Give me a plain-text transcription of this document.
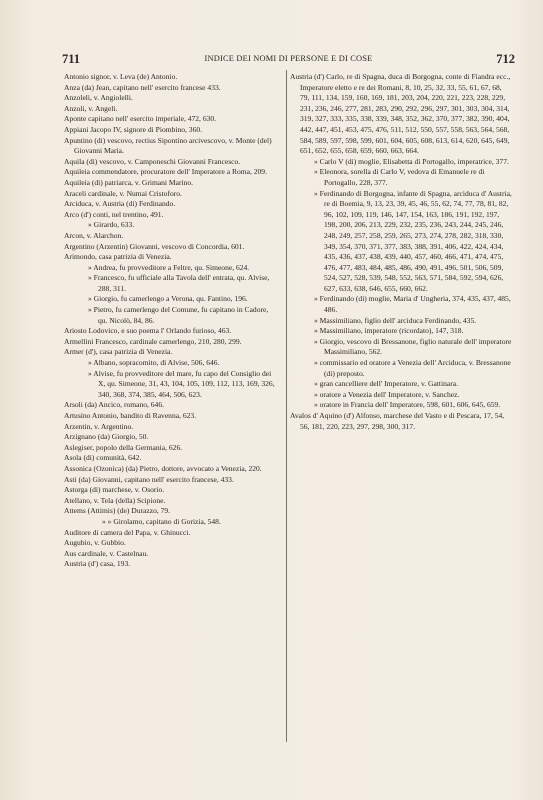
711	INDICE DEI NOMI DI PERSONE E DI COSE	712
Antonio signor, v. Leva (de) Antonio.
Anza (da) Jean, capitano nell' esercito francese 433.
Anzoleli, v. Angiolelli.
Anzoli, v. Angeli.
Aponte capitano nell' esercito imperiale, 472, 630.
Appiani Jacopo IV, signore di Piombino, 360.
Apuntino (di) vescovo, rectius Sipontino arcivescovo, v. Monte (del) Giovanni Maria.
Aquila (di) vescovo, v. Camponeschi Giovanni Francesco.
Aquileia commendatore, procuratore dell' Imperatore a Roma, 209.
Aquileia (di) patriarca, v. Grimani Marino.
Araceli cardinale, v. Numai Cristoforo.
Arciduca, v. Austria (di) Ferdinando.
Arco (d') conti, nel trentino, 491.
» Girardo, 633.
Arcon, v. Alarchon.
Argentino (Arzentin) Giovanni, vescovo di Concordia, 601.
Arimondo, casa patrizia di Venezia.
» Andrea, fu provveditore a Feltre, qu. Simeone, 624.
» Francesco, fu ufficiale alla Tavola dell' entrata, qu. Alvise, 288, 311.
» Giorgio, fu camerlengo a Verona, qu. Fantino, 196.
» Pietro, fu camerlengo del Comune, fu capitano in Cadore, qu. Nicolò, 84, 86.
Ariosto Lodovico, e suo poema l' Orlando furioso, 463.
Armellini Francesco, cardinale camerlengo, 210, 280, 299.
Armer (d'), casa patrizia di Venezia.
» Albano, sopracomito, di Alvise, 506, 646.
» Alvise, fu provveditore del mare, fu capo del Consiglio dei X, qu. Simeone, 31, 43, 104, 105, 109, 112, 113, 169, 326, 340, 368, 374, 385, 464, 506, 623.
Arsoli (da) Ancico, romano, 646.
Artusino Antonio, bandito di Ravenna, 623.
Arzentin, v. Argentino.
Arzignano (da) Giorgio, 50.
Aslegiser, popolo della Germania, 626.
Asola (di) comunità, 642.
Assonica (Ozonica) (da) Pietro, dottore, avvocato a Venezia, 220.
Asti (da) Giovanni, capitano nell' esercito francese, 433.
Astorga (di) marchese, v. Osorio.
Atellano, v. Tela (della) Scipione.
Attems (Attimis) (de) Durazzo, 79.
» » Girolamo, capitano di Gorizia, 548.
Auditore di camera del Papa, v. Ghinucci.
Augubio, v. Gubbio.
Aus cardinale, v. Castelnau.
Austria (d') casa, 193.
Austria (d') Carlo, re di Spagna, duca di Borgogna, conte di Fiandra ecc., Imperatore eletto e re dei Romani, 8, 10, 25, 32, 33, 55, 61, 67, 68, 79, 111, 134, 159, 160, 169, 181, 203, 204, 220, 221, 223, 228, 229, 231, 236, 246, 277, 281, 283, 290, 292, 296, 297, 301, 303, 304, 314, 319, 327, 333, 335, 338, 339, 348, 352, 362, 370, 377, 382, 390, 404, 442, 447, 451, 453, 475, 476, 511, 512, 550, 557, 558, 563, 564, 568, 584, 589, 597, 598, 599, 601, 604, 605, 608, 613, 614, 620, 645, 649, 651, 652, 655, 658, 659, 660, 663, 664.
» Carlo V (di) moglie, Elisabetta di Portogallo, imperatrice, 377.
» Eleonora, sorella di Carlo V, vedova di Emanuele re di Portogallo, 228, 377.
» Ferdinando di Borgogna, infante di Spagna, arciduca d' Austria, re di Boemia, 9, 13, 23, 39, 45, 46, 55, 62, 74, 77, 78, 81, 82, 96, 102, 109, 119, 146, 147, 154, 163, 186, 191, 192, 197, 198, 200, 206, 213, 229, 232, 235, 236, 243, 244, 245, 246, 248, 249, 257, 258, 259, 265, 273, 274, 278, 282, 318, 330, 349, 354, 370, 371, 377, 383, 388, 391, 406, 422, 424, 434, 435, 436, 437, 438, 439, 440, 457, 460, 466, 471, 474, 475, 476, 477, 483, 484, 485, 486, 490, 491, 496, 501, 506, 509, 524, 527, 528, 539, 548, 552, 563, 571, 584, 592, 594, 626, 627, 633, 638, 646, 655, 660, 662.
» Ferdinando (di) moglie, Maria d' Ungheria, 374, 435, 437, 485, 486.
» Massimiliano, figlio dell' arciduca Ferdinando, 435.
» Massimiliano, imperatore (ricordato), 147, 318.
» Giorgio, vescovo di Bressanone, figlio naturale dell' imperatore Massimiliano, 562.
» commissario ed oratore a Venezia dell' Arciduca, v. Bressanone (di) preposto.
» gran cancelliere dell' Imperatore, v. Gattinara.
» oratore a Venezia dell' Imperatore, v. Sanchez.
» oratore in Francia dell' Imperatore, 598, 601, 606, 645, 659.
Avalos d' Aquino (d') Alfonso, marchese del Vasto e di Pescara, 17, 54, 56, 181, 220, 223, 297, 298, 300, 317.
